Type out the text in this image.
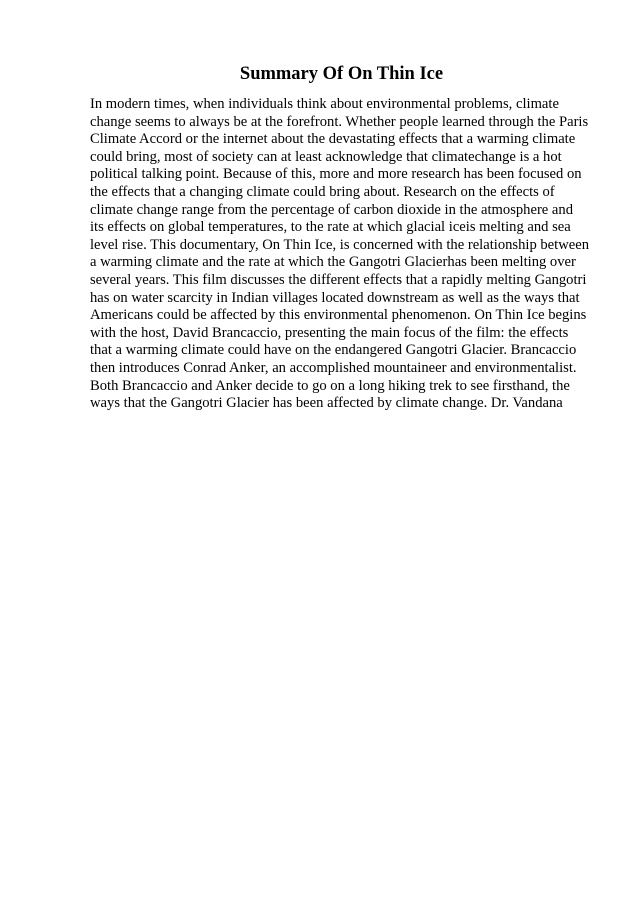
Summary Of On Thin Ice

In modern times, when individuals think about environmental problems, climate
change seems to always be at the forefront. Whether people learned through the Paris
Climate Accord or the internet about the devastating effects that a warming climate
could bring, most of society can at least acknowledge that climatechange is a hot
political talking point. Because of this, more and more research has been focused on
the effects that a changing climate could bring about. Research on the effects of
climate change range from the percentage of carbon dioxide in the atmosphere and
its effects on global temperatures, to the rate at which glacial iceis melting and sea
level rise. This documentary, On Thin Ice, is concerned with the relationship between
a warming climate and the rate at which the Gangotri Glacierhas been melting over
several years. This film discusses the different effects that a rapidly melting Gangotri
has on water scarcity in Indian villages located downstream as well as the ways that
Americans could be affected by this environmental phenomenon. On Thin Ice begins
with the host, David Brancaccio, presenting the main focus of the film: the effects
that a warming climate could have on the endangered Gangotri Glacier. Brancaccio
then introduces Conrad Anker, an accomplished mountaineer and environmentalist.
Both Brancaccio and Anker decide to go on a long hiking trek to see firsthand, the
ways that the Gangotri Glacier has been affected by climate change. Dr. Vandana
